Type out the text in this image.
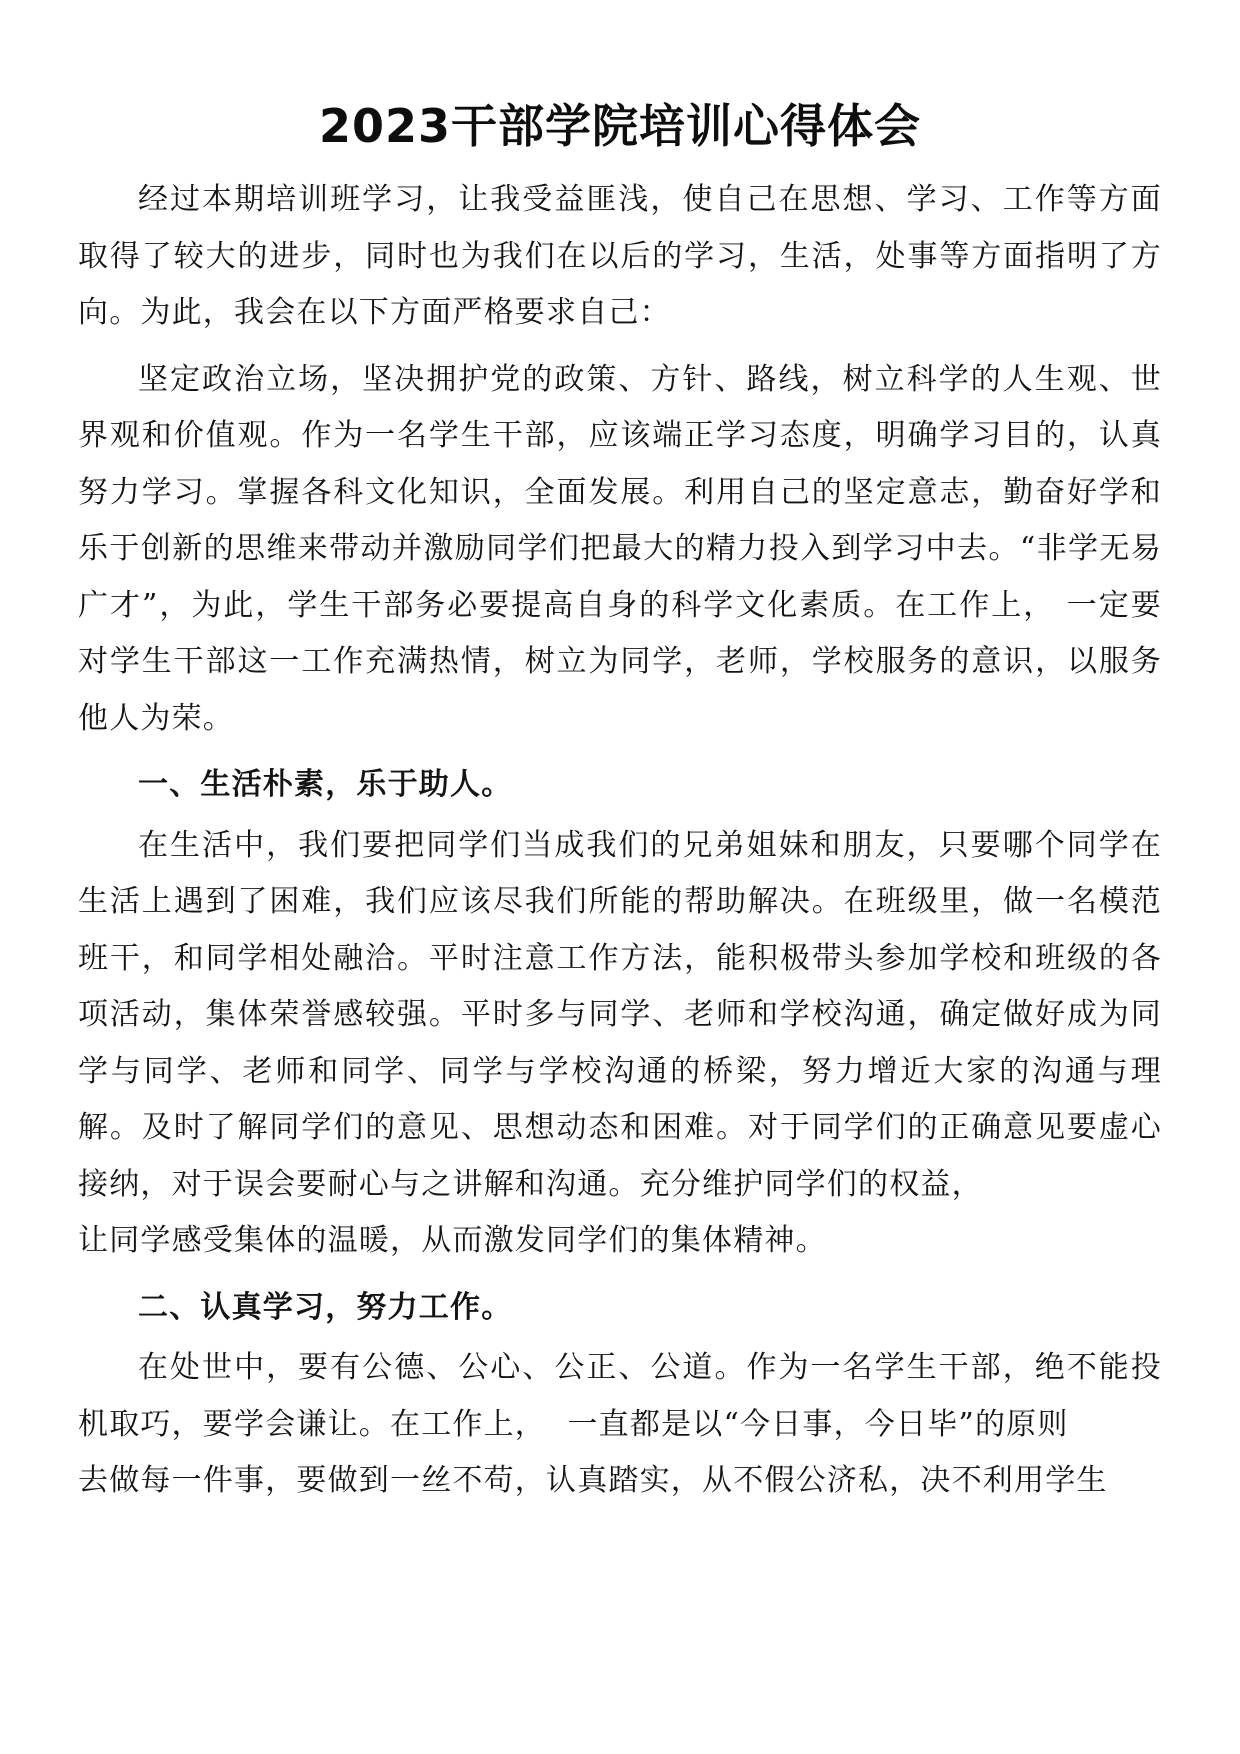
2023干部学院培训心得体会

经过本期培训班学习，让我受益匪浅，使自己在思想、学习、工作等方面取得了较大的进步，同时也为我们在以后的学习，生活，处事等方面指明了方向。为此，我会在以下方面严格要求自己：

坚定政治立场，坚决拥护党的政策、方针、路线，树立科学的人生观、世界观和价值观。作为一名学生干部，应该端正学习态度，明确学习目的，认真努力学习。掌握各科文化知识，全面发展。利用自己的坚定意志，勤奋好学和乐于创新的思维来带动并激励同学们把最大的精力投入到学习中去。“非学无易广才”，为此，学生干部务必要提高自身的科学文化素质。在工作上， 一定要对学生干部这一工作充满热情，树立为同学，老师，学校服务的意识，以服务他人为荣。

一、生活朴素，乐于助人。

在生活中，我们要把同学们当成我们的兄弟姐妹和朋友，只要哪个同学在生活上遇到了困难，我们应该尽我们所能的帮助解决。在班级里，做一名模范班干，和同学相处融洽。平时注意工作方法，能积极带头参加学校和班级的各项活动，集体荣誉感较强。平时多与同学、老师和学校沟通，确定做好成为同学与同学、老师和同学、同学与学校沟通的桥梁，努力增近大家的沟通与理解。及时了解同学们的意见、思想动态和困难。对于同学们的正确意见要虚心接纳，对于误会要耐心与之讲解和沟通。充分维护同学们的权益，

让同学感受集体的温暖，从而激发同学们的集体精神。

二、认真学习，努力工作。

在处世中，要有公德、公心、公正、公道。作为一名学生干部，绝不能投机取巧，要学会谦让。在工作上，  一直都是以“今日事，今日毕”的原则

去做每一件事，要做到一丝不苟，认真踏实，从不假公济私，决不利用学生
